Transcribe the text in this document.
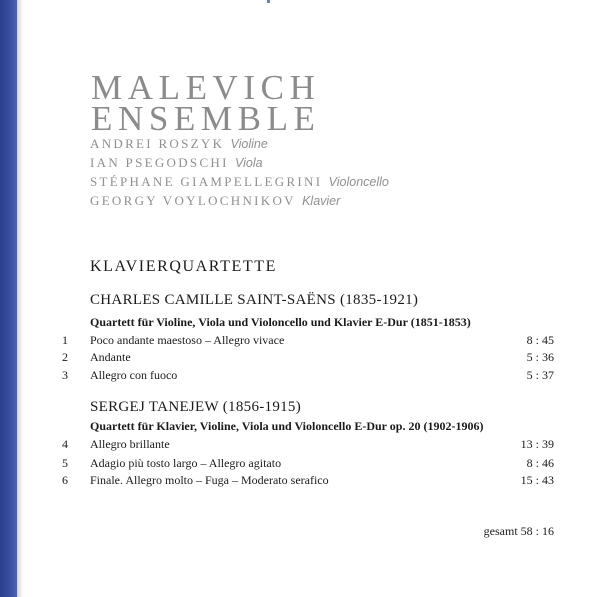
MALEVICH
ENSEMBLE
ANDREI ROSZYK Violine
IAN PSEGODSCHI Viola
STÉPHANE GIAMPELLEGRINI Violoncello
GEORGY VOYLOCHNIKOV Klavier
KLAVIERQUARTETTE
CHARLES CAMILLE SAINT-SAËNS (1835-1921)
Quartett für Violine, Viola und Violoncello und Klavier E-Dur (1851-1853)
1 Poco andante maestoso – Allegro vivace	8 : 45
2 Andante	5 : 36
3 Allegro con fuoco	5 : 37
SERGEJ TANEJEW (1856-1915)
Quartett für Klavier, Violine, Viola und Violoncello E-Dur op. 20 (1902-1906)
4 Allegro brillante	13 : 39
5 Adagio più tosto largo – Allegro agitato	8 : 46
6 Finale. Allegro molto – Fuga – Moderato serafico	15 : 43
gesamt 58 : 16
